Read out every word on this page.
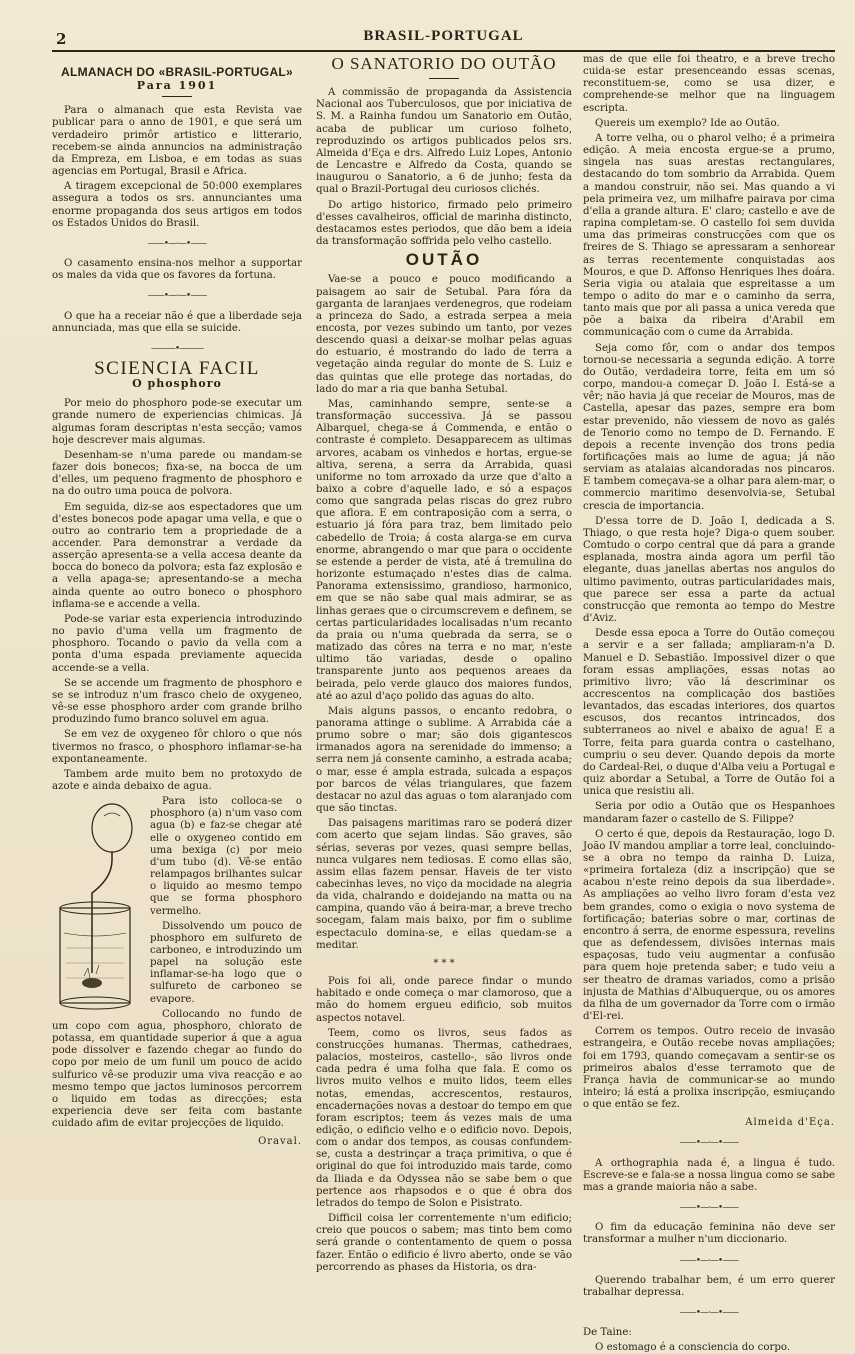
2	BRASIL-PORTUGAL
ALMANACH DO «BRASIL-PORTUGAL»
Para 1901

Para o almanach que esta Revista vae publicar para o anno de 1901, e que será um verdadeiro primôr artistico e litterario, recebem-se ainda annuncios na administração da Empreza, em Lisboa, e em todas as suas agencias em Portugal, Brasil e Africa.

A tiragem excepcional de 50:000 exemplares assegura a todos os srs. annunciantes uma enorme propaganda dos seus artigos em todos os Estados Unidos do Brasil.

——•—·—•——

O casamento ensina-nos melhor a supportar os males da vida que os favores da fortuna.

——•—·—•——

O que ha a receiar não é que a liberdade seja annunciada, mas que ella se suicide.

———•———
SCIENCIA FACIL
O phosphoro

Por meio do phosphoro pode-se executar um grande numero de experiencias chimicas. Já algumas foram descriptas n'esta secção; vamos hoje descrever mais algumas.

Desenham-se n'uma parede ou mandam-se fazer dois bonecos; fixa-se, na bocca de um d'elles, um pequeno fragmento de phosphoro e na do outro uma pouca de polvora.

Em seguida, diz-se aos espectadores que um d'estes bonecos pode apagar uma vella, e que o outro ao contrario tem a propriedade de a accender. Para demonstrar a verdade da asserção apresenta-se a vella accesa deante da bocca do boneco da polvora; esta faz explosão e a vella apaga-se; apresentando-se a mecha ainda quente ao outro boneco o phosphoro inflama-se e accende a vella.

Pode-se variar esta experiencia introduzindo no pavio d'uma vella um fragmento de phosphoro. Tocando o pavio da vella com a ponta d'uma espada previamente aquecida accende-se a vella.

Se se accende um fragmento de phosphoro e se se introduz n'um frasco cheio de oxygeneo, vê-se esse phosphoro arder com grande brilho produzindo fumo branco soluvel em agua.

Se em vez de oxygeneo fôr chloro o que nós tivermos no frasco, o phosphoro inflamar-se-ha expontaneamente.

Tambem arde muito bem no protoxydo de azote e ainda debaixo de agua.

Para isto colloca-se o phosphoro (a) n'um vaso com agua (b) e faz-se chegar até elle o oxygeneo contido em uma bexiga (c) por meio d'um tubo (d). Vê-se então relampagos brilhantes sulcar o liquido ao mesmo tempo que se forma phosphoro vermelho.

Dissolvendo um pouco de phosphoro em sulfureto de carboneo, e introduzindo um papel na solução este inflamar-se-ha logo que o sulfureto de carboneo se evapore.

Collocando no fundo de um copo com agua, phosphoro, chlorato de potassa, em quantidade superior á que a agua pode dissolver e fazendo chegar ao fundo do copo por meio de um funil um pouco de acido sulfurico vê-se produzir uma viva reacção e ao mesmo tempo que jactos luminosos percorrem o liquido em todas as direcções; esta experiencia deve ser feita com bastante cuidado afim de evitar projecções de liquido.

Oraval.
O SANATORIO DO OUTÃO

A commissão de propaganda da Assistencia Nacional aos Tuberculosos, que por iniciativa de S. M. a Rainha fundou um Sanatorio em Outão, acaba de publicar um curioso folheto, reproduzindo os artigos publicados pelos srs. Almeida d'Eça e drs. Alfredo Luiz Lopes, Antonio de Lencastre e Alfredo da Costa, quando se inaugurou o Sanatorio, a 6 de junho; festa da qual o Brazil-Portugal deu curiosos clichés.

Do artigo historico, firmado pelo primeiro d'esses cavalheiros, official de marinha distincto, destacamos estes periodos, que dão bem a ideia da transformação soffrida pelo velho castello.

OUTÃO

Vae-se a pouco e pouco modificando a paisagem ao sair de Setubal. Para fóra da garganta de laranjaes verdenegros, que rodeiam a princeza do Sado, a estrada serpea a meia encosta, por vezes subindo um tanto, por vezes descendo quasi a deixar-se molhar pelas aguas do estuario, é mostrando do lado de terra a vegetação ainda regular do monte de S. Luiz e das quintas que elle protege das nortadas, do lado do mar a ria que banha Setubal.

Mas, caminhando sempre, sente-se a transformação successiva. Já se passou Albarquel, chega-se á Commenda, e então o contraste é completo. Desapparecem as ultimas arvores, acabam os vinhedos e hortas, ergue-se altiva, serena, a serra da Arrabida, quasi uniforme no tom arroxado da urze que d'alto a baixo a cobre d'aquelle lado, e só a espaços como que sangrada pelas riscas do grez rubro que aflora. E em contraposição com a serra, o estuario já fóra para traz, bem limitado pelo cabedello de Troia; á costa alarga-se em curva enorme, abrangendo o mar que para o occidente se estende a perder de vista, até á tremulina do horizonte estumaçado n'estes dias de calma. Panorama extensissimo, grandioso, harmonico, em que se não sabe qual mais admirar, se as linhas geraes que o circumscrevem e definem, se certas particularidades localisadas n'um recanto da praia ou n'uma quebrada da serra, se o matizado das côres na terra e no mar, n'este ultimo tão variadas, desde o opalino transparente junto aos pequenos areaes da beirada, pelo verde glauco dos maiores fundos, até ao azul d'aço polido das aguas do alto.

Mais alguns passos, o encanto redobra, o panorama attinge o sublime. A Arrabida cáe a prumo sobre o mar; são dois gigantescos irmanados agora na serenidade do immenso; a serra nem já consente caminho, a estrada acaba; o mar, esse é ampla estrada, sulcada a espaços por barcos de vélas triangulares, que fazem destacar no azul das aguas o tom alaranjado com que são tinctas.

Das paisagens maritimas raro se poderá dizer com acerto que sejam lindas. São graves, são sérias, severas por vezes, quasi sempre bellas, nunca vulgares nem tediosas. E como ellas são, assim ellas fazem pensar. Haveis de ter visto cabecinhas leves, no viço da mocidade na alegria da vida, chalrando e doidejando na matta ou na campina, quando vão á beira-mar, a breve trecho socegam, falam mais baixo, por fim o sublime espectaculo domina-se, e ellas quedam-se a meditar.

* * *

Pois foi ali, onde parece findar o mundo habitado e onde começa o mar clamoroso, que a mão do homem ergueu edificio, sob muitos aspectos notavel.

Teem, como os livros, seus fados as construcções humanas. Thermas, cathedraes, palacios, mosteiros, castello-, são livros onde cada pedra é uma folha que fala. E como os livros muito velhos e muito lidos, teem elles notas, emendas, accrescentos, restauros, encadernações novas a destoar do tempo em que foram escriptos; teem ás vezes mais de uma edição, o edificio velho e o edificio novo. Depois, com o andar dos tempos, as cousas confundem-se, custa a destrinçar a traça primitiva, o que é original do que foi introduzido mais tarde, como da Iliada e da Odyssea não se sabe bem o que pertence aos rhapsodos e o que é obra dos letrados do tempo de Solon e Pisistrato.

Difficil coisa ler correntemente n'um edificio; creio que poucos o sabem; mas tinto bem como será grande o contentamento de quem o possa fazer. Então o edificio é livro aberto, onde se vão percorrendo as phases da Historia, os dra-

mas de que elle foi theatro, e a breve trecho cuida-se estar presenceando essas scenas, reconstituem-se, como se usa dizer, e comprehende-se melhor que na linguagem escripta.

Quereis um exemplo? Ide ao Outão.

A torre velha, ou o pharol velho; é a primeira edição. A meia encosta ergue-se a prumo, singela nas suas arestas rectangulares, destacando do tom sombrio da Arrabida. Quem a mandou construir, não sei. Mas quando a vi pela primeira vez, um milhafre pairava por cima d'ella a grande altura. E' claro; castello e ave de rapina completam-se. O castello foi sem duvida uma das primeiras construcções com que os freires de S. Thiago se apressaram a senhorear as terras recentemente conquistadas aos Mouros, e que D. Affonso Henriques lhes doára. Seria vigia ou atalaia que espreitasse a um tempo o adito do mar e o caminho da serra, tanto mais que por ali passa a unica vereda que põe a baixa da ribeira d'Arabil em communicação com o cume da Arrabida.

Seja como fôr, com o andar dos tempos tornou-se necessaria a segunda edição. A torre do Outão, verdadeira torre, feita em um só corpo, mandou-a começar D. João I. Está-se a vêr; não havia já que receiar de Mouros, mas de Castella, apesar das pazes, sempre era bom estar prevenido, não viessem de novo as galés de Tenorio como no tempo de D. Fernando. E depois a recente invenção dos trons pedia fortificações mais ao lume de agua; já não serviam as atalaias alcandoradas nos pincaros. E tambem começava-se a olhar para alem-mar, o commercio maritimo desenvolvia-se, Setubal crescia de importancia.

D'essa torre de D. João I, dedicada a S. Thiago, o que resta hoje? Diga-o quem souber. Comtudo o corpo central que dá para a grande esplanada, mostra ainda agora um perfil tão elegante, duas janellas abertas nos angulos do ultimo pavimento, outras particularidades mais, que parece ser essa a parte da actual construcção que remonta ao tempo do Mestre d'Aviz.

Desde essa epoca a Torre do Outão começou a servir e a ser fallada; ampliaram-n'a D. Manuel e D. Sebastião. Impossivel dizer o que foram essas ampliações, essas notas ao primitivo livro; vão lá descriminar os accrescentos na complicação dos bastiões levantados, das escadas interiores, dos quartos escusos, dos recantos intrincados, dos subterraneos ao nivel e abaixo de agua! E a Torre, feita para guarda contra o castelhano, cumpriu o seu dever. Quando depois da morte do Cardeal-Rei, o duque d'Alba veiu a Portugal e quiz abordar a Setubal, a Torre de Outão foi a unica que resistiu ali.

Seria por odio a Outão que os Hespanhoes mandaram fazer o castello de S. Filippe?

O certo é que, depois da Restauração, logo D. João IV mandou ampliar a torre leal, concluindo-se a obra no tempo da rainha D. Luiza, «primeira fortaleza (diz a inscripção) que se acabou n'este reino depois da sua liberdade». As ampliações ao velho livro foram d'esta vez bem grandes, como o exigia o novo systema de fortificação; baterias sobre o mar, cortinas de encontro á serra, de enorme espessura, revelins que as defendessem, divisões internas mais espaçosas, tudo veiu augmentar a confusão para quem hoje pretenda saber; e tudo veiu a ser theatro de dramas variados, como a prisão injusta de Mathias d'Albuquerque, ou os amores da filha de um governador da Torre com o irmão d'El-rei.

Correm os tempos. Outro receio de invasão estrangeira, e Outão recebe novas ampliações; foi em 1793, quando começavam a sentir-se os primeiros abalos d'esse terramoto que de França havia de communicar-se ao mundo inteiro; lá está a prolixa inscripção, esmiuçando o que então se fez.

Almeida d'Eça.
——•—·—•——

A orthographia nada é, a lingua é tudo. Escreve-se e fala-se a nossa lingua como se sabe mas a grande maioria não a sabe.

——•—·—•——

O fim da educação feminina não deve ser transformar a mulher n'um diccionario.

——•—·—•——

Querendo trabalhar bem, é um erro querer trabalhar depressa.

——•—·—•——

De Taine:

O estomago é a consciencia do corpo.
